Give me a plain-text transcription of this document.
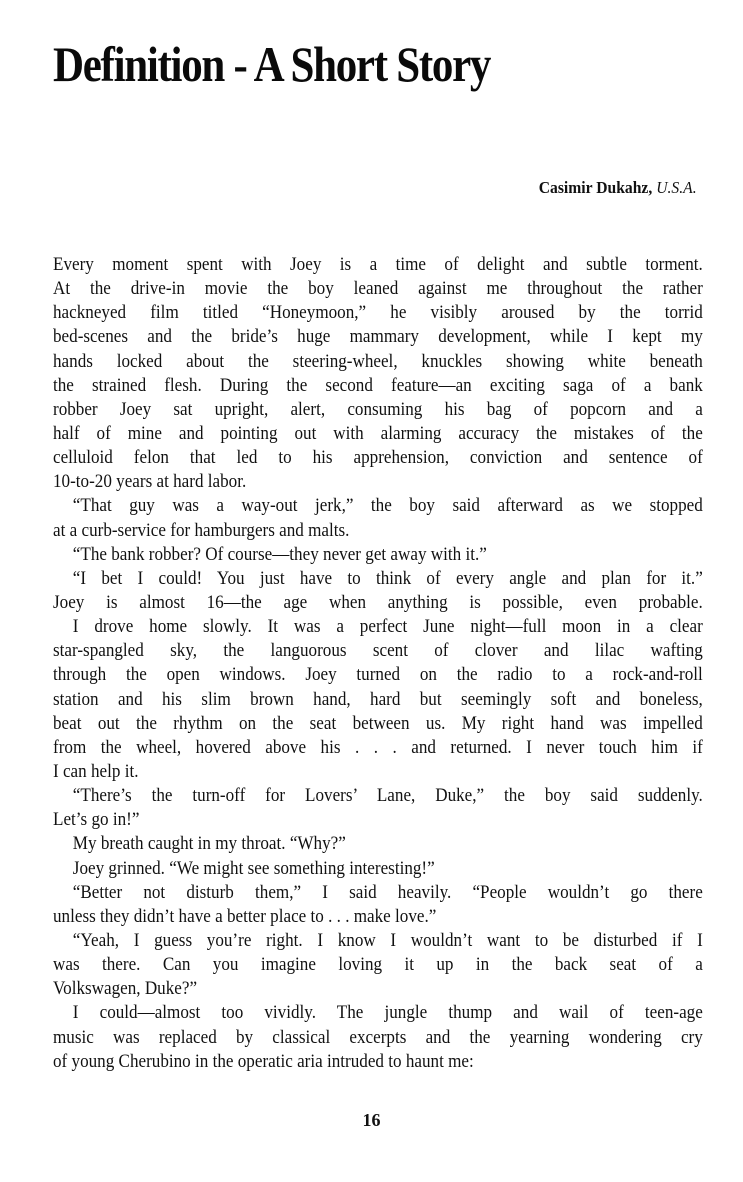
Definition - A Short Story
Casimir Dukahz, U.S.A.
Every moment spent with Joey is a time of delight and subtle torment.
At the drive-in movie the boy leaned against me throughout the rather
hackneyed film titled “Honeymoon,” he visibly aroused by the torrid
bed-scenes and the bride’s huge mammary development, while I kept my
hands locked about the steering-wheel, knuckles showing white beneath
the strained flesh. During the second feature—an exciting saga of a bank
robber Joey sat upright, alert, consuming his bag of popcorn and a
half of mine and pointing out with alarming accuracy the mistakes of the
celluloid felon that led to his apprehension, conviction and sentence of
10-to-20 years at hard labor.
“That guy was a way-out jerk,” the boy said afterward as we stopped
at a curb-service for hamburgers and malts.
“The bank robber? Of course—they never get away with it.”
“I bet I could! You just have to think of every angle and plan for it.”
Joey is almost 16—the age when anything is possible, even probable.
I drove home slowly. It was a perfect June night—full moon in a clear
star-spangled sky, the languorous scent of clover and lilac wafting
through the open windows. Joey turned on the radio to a rock-and-roll
station and his slim brown hand, hard but seemingly soft and boneless,
beat out the rhythm on the seat between us. My right hand was impelled
from the wheel, hovered above his . . . and returned. I never touch him if
I can help it.
“There’s the turn-off for Lovers’ Lane, Duke,” the boy said suddenly.
Let’s go in!”
My breath caught in my throat. “Why?”
Joey grinned. “We might see something interesting!”
“Better not disturb them,” I said heavily. “People wouldn’t go there
unless they didn’t have a better place to . . . make love.”
“Yeah, I guess you’re right. I know I wouldn’t want to be disturbed if I
was there. Can you imagine loving it up in the back seat of a
Volkswagen, Duke?”
I could—almost too vividly. The jungle thump and wail of teen-age
music was replaced by classical excerpts and the yearning wondering cry
of young Cherubino in the operatic aria intruded to haunt me:
16
